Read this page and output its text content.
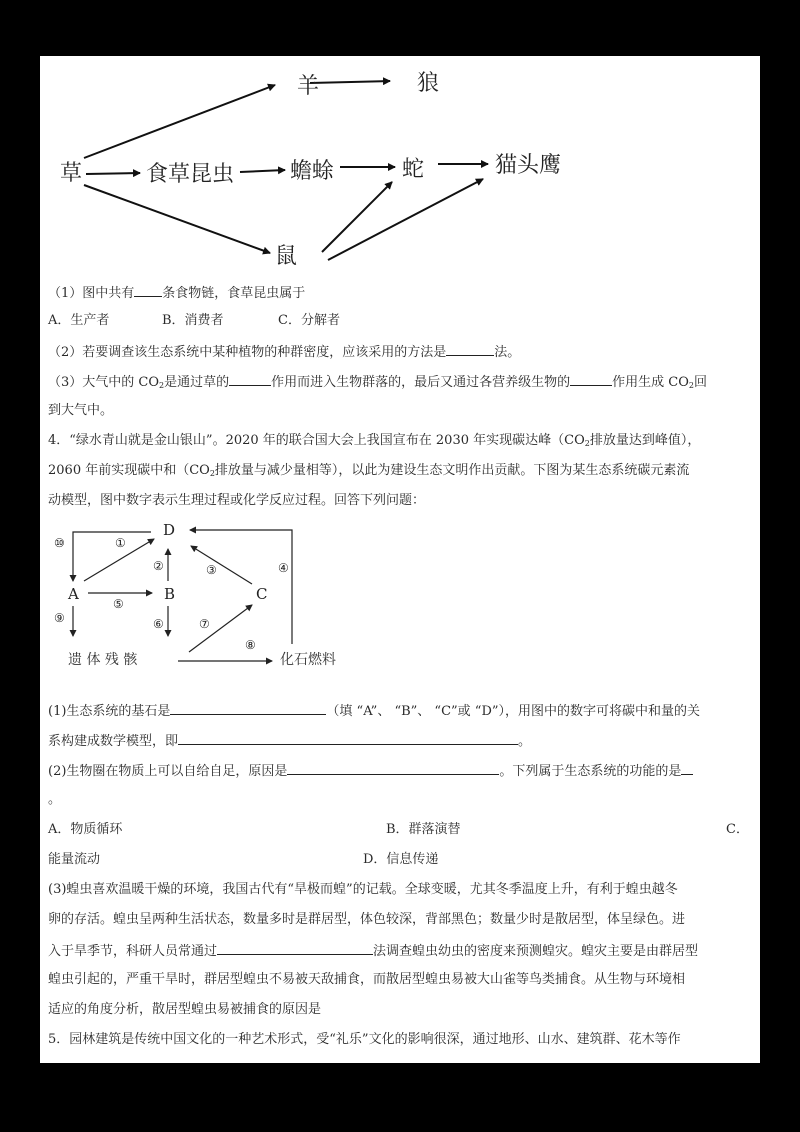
草
羊	狼
食草昆虫	蟾蜍	蛇	猫头鹰
鼠
（1）图中共有 条食物链，食草昆虫属于
A．生产者	B．消费者	C．分解者
（2）若要调查该生态系统中某种植物的种群密度，应该采用的方法是	法。
（3）大气中的 $CO_2$是通过草的	作用而进入生物群落的，最后又通过各营养级生物的	作用生成 $CO_2$回
到大气中。
4．“绿水青山就是金山银山”。2020 年的联合国大会上我国宣布在 2030 年实现碳达峰（$CO_2$排放量达到峰值），
2060 年前实现碳中和（$CO_2$排放量与减少量相等），以此为建设生态文明作出贡献。下图为某生态系统碳元素流
动模型，图中数字表示生理过程或化学反应过程。回答下列问题：
D
A	B	C
遗 体 残 骸	化石燃料
⑩	①
②	③	④
⑤
⑨	⑥	⑦
⑧
(1)生态系统的基石是	（填 “A”、 “B”、 “C”或 “D”），用图中的数字可将碳中和量的关
系构建成数学模型，即	。
(2)生物圈在物质上可以自给自足，原因是	。下列属于生态系统的功能的是
。
A．物质循环	B．群落演替	C．
能量流动	D．信息传递
(3)蝗虫喜欢温暖干燥的环境，我国古代有“旱极而蝗”的记载。全球变暖，尤其冬季温度上升，有利于蝗虫越冬
卵的存活。蝗虫呈两种生活状态，数量多时是群居型，体色较深，背部黑色；数量少时是散居型，体呈绿色。进
入于旱季节，科研人员常通过	法调查蝗虫幼虫的密度来预测蝗灾。蝗灾主要是由群居型
蝗虫引起的，严重干旱时，群居型蝗虫不易被天敌捕食，而散居型蝗虫易被大山雀等鸟类捕食。从生物与环境相
适应的角度分析，散居型蝗虫易被捕食的原因是
5．园林建筑是传统中国文化的一种艺术形式，受“礼乐”文化的影响很深，通过地形、山水、建筑群、花木等作
